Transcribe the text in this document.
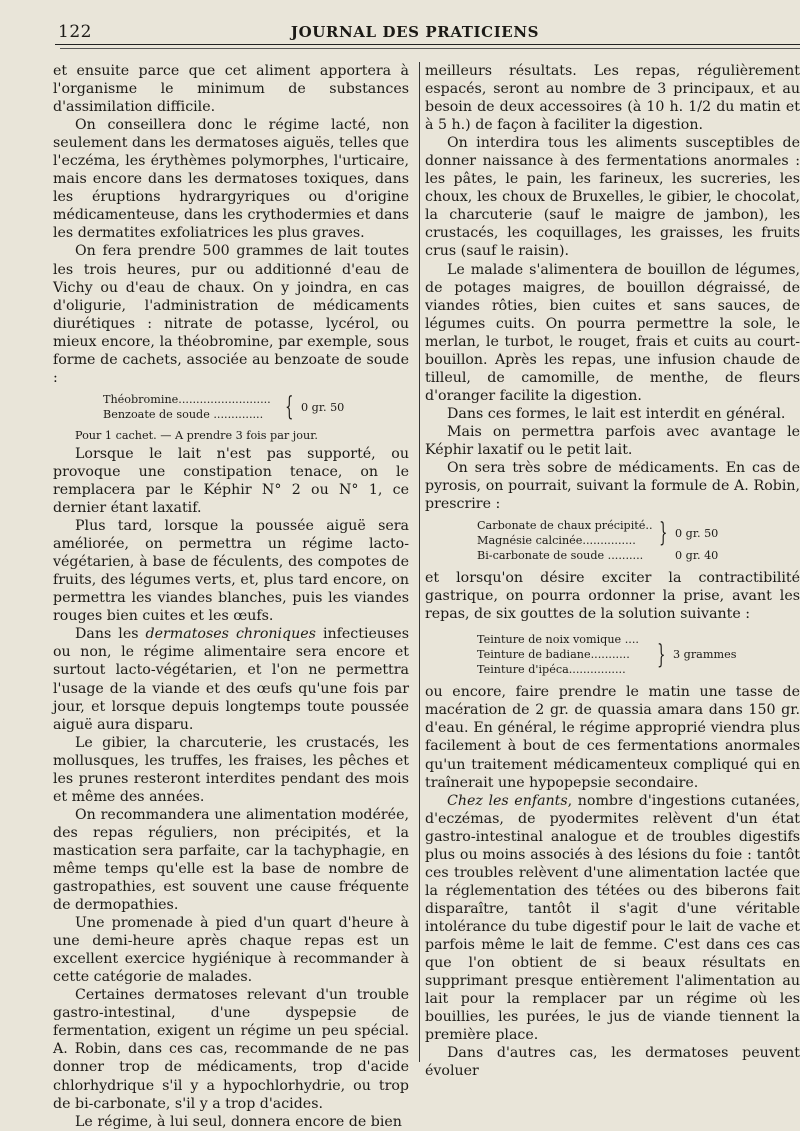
122	JOURNAL DES PRATICIENS

et ensuite parce que cet aliment apportera à l'organisme le minimum de substances d'assimilation difficile.

On conseillera donc le régime lacté, non seulement dans les dermatoses aiguës, telles que l'eczéma, les érythèmes polymorphes, l'urticaire, mais encore dans les dermatoses toxiques, dans les éruptions hydrargyriques ou d'origine médicamenteuse, dans les crythodermies et dans les dermatites exfoliatrices les plus graves.

On fera prendre 500 grammes de lait toutes les trois heures, pur ou additionné d'eau de Vichy ou d'eau de chaux. On y joindra, en cas d'oligurie, l'administration de médicaments diurétiques : nitrate de potasse, lycérol, ou mieux encore, la théobromine, par exemple, sous forme de cachets, associée au benzoate de soude :

Théobromine..........................
Benzoate de soude .............. { 0 gr. 50

Pour 1 cachet. — A prendre 3 fois par jour.

Lorsque le lait n'est pas supporté, ou provoque une constipation tenace, on le remplacera par le Képhir N° 2 ou N° 1, ce dernier étant laxatif.

Plus tard, lorsque la poussée aiguë sera améliorée, on permettra un régime lacto-végétarien, à base de féculents, des compotes de fruits, des légumes verts, et, plus tard encore, on permettra les viandes blanches, puis les viandes rouges bien cuites et les œufs.

Dans les dermatoses chroniques infectieuses ou non, le régime alimentaire sera encore et surtout lacto-végétarien, et l'on ne permettra l'usage de la viande et des œufs qu'une fois par jour, et lorsque depuis longtemps toute poussée aiguë aura disparu.

Le gibier, la charcuterie, les crustacés, les mollusques, les truffes, les fraises, les pêches et les prunes resteront interdites pendant des mois et même des années.

On recommandera une alimentation modérée, des repas réguliers, non précipités, et la mastication sera parfaite, car la tachyphagie, en même temps qu'elle est la base de nombre de gastropathies, est souvent une cause fréquente de dermopathies.

Une promenade à pied d'un quart d'heure à une demi-heure après chaque repas est un excellent exercice hygiénique à recommander à cette catégorie de malades.

Certaines dermatoses relevant d'un trouble gastro-intestinal, d'une dyspepsie de fermentation, exigent un régime un peu spécial. A. Robin, dans ces cas, recommande de ne pas donner trop de médicaments, trop d'acide chlorhydrique s'il y a hypochlorhydrie, ou trop de bi-carbonate, s'il y a trop d'acides.

Le régime, à lui seul, donnera encore de bien

meilleurs résultats. Les repas, régulièrement espacés, seront au nombre de 3 principaux, et au besoin de deux accessoires (à 10 h. 1/2 du matin et à 5 h.) de façon à faciliter la digestion.

On interdira tous les aliments susceptibles de donner naissance à des fermentations anormales : les pâtes, le pain, les farineux, les sucreries, les choux, les choux de Bruxelles, le gibier, le chocolat, la charcuterie (sauf le maigre de jambon), les crustacés, les coquillages, les graisses, les fruits crus (sauf le raisin).

Le malade s'alimentera de bouillon de légumes, de potages maigres, de bouillon dégraissé, de viandes rôties, bien cuites et sans sauces, de légumes cuits. On pourra permettre la sole, le merlan, le turbot, le rouget, frais et cuits au court-bouillon. Après les repas, une infusion chaude de tilleul, de camomille, de menthe, de fleurs d'oranger facilite la digestion.

Dans ces formes, le lait est interdit en général.

Mais on permettra parfois avec avantage le Képhir laxatif ou le petit lait.

On sera très sobre de médicaments. En cas de pyrosis, on pourrait, suivant la formule de A. Robin, prescrire :

Carbonate de chaux précipité..
Magnésie calcinée...............
Bi-carbonate de soude ..........
} 0 gr. 50
0 gr. 40

et lorsqu'on désire exciter la contractibilité gastrique, on pourra ordonner la prise, avant les repas, de six gouttes de la solution suivante :

Teinture de noix vomique ....
Teinture de badiane...........
Teinture d'ipéca................ } 3 grammes

ou encore, faire prendre le matin une tasse de macération de 2 gr. de quassia amara dans 150 gr. d'eau. En général, le régime approprié viendra plus facilement à bout de ces fermentations anormales qu'un traitement médicamenteux compliqué qui en traînerait une hypopepsie secondaire.

Chez les enfants, nombre d'ingestions cutanées, d'eczémas, de pyodermites relèvent d'un état gastro-intestinal analogue et de troubles digestifs plus ou moins associés à des lésions du foie : tantôt ces troubles relèvent d'une alimentation lactée que la réglementation des tétées ou des biberons fait disparaître, tantôt il s'agit d'une véritable intolérance du tube digestif pour le lait de vache et parfois même le lait de femme. C'est dans ces cas que l'on obtient de si beaux résultats en supprimant presque entièrement l'alimentation au lait pour la remplacer par un régime où les bouillies, les purées, le jus de viande tiennent la première place.

Dans d'autres cas, les dermatoses peuvent évoluer
